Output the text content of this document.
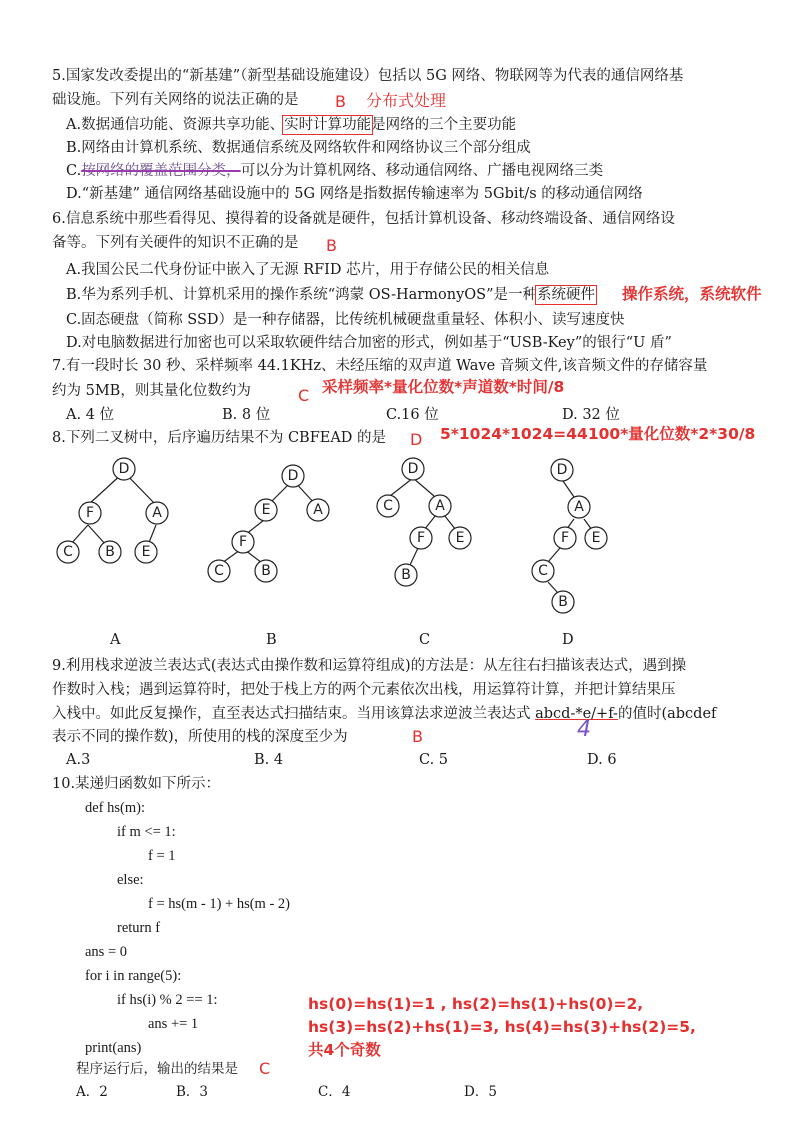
5.国家发改委提出的“新基建”（新型基础设施建设）包括以 5G 网络、物联网等为代表的通信网络基
础设施。下列有关网络的说法正确的是 B 分布式处理
A.数据通信功能、资源共享功能、实时计算功能是网络的三个主要功能
B.网络由计算机系统、数据通信系统及网络软件和网络协议三个部分组成
C.按网络的覆盖范围分类，可以分为计算机网络、移动通信网络、广播电视网络三类
D.“新基建” 通信网络基础设施中的 5G 网络是指数据传输速率为 5Gbit/s 的移动通信网络
6.信息系统中那些看得见、摸得着的设备就是硬件，包括计算机设备、移动终端设备、通信网络设
备等。下列有关硬件的知识不正确的是 B
A.我国公民二代身份证中嵌入了无源 RFID 芯片，用于存储公民的相关信息
B.华为系列手机、计算机采用的操作系统“鸿蒙 OS-HarmonyOS”是一种系统硬件 操作系统，系统软件
C.固态硬盘（简称 SSD）是一种存储器，比传统机械硬盘重量轻、体积小、读写速度快
D.对电脑数据进行加密也可以采取软硬件结合加密的形式，例如基于“USB-Key”的银行“U 盾”
7.有一段时长 30 秒、采样频率 44.1KHz、未经压缩的双声道 Wave 音频文件,该音频文件的存储容量
约为 5MB，则其量化位数约为	C 采样频率*量化位数*声道数*时间/8
A. 4 位	B. 8 位	C.16 位	D. 32 位
8.下列二叉树中，后序遍历结果不为 CBFEAD 的是 D 5*1024*1024=44100*量化位数*2*30/8
D
F	A
C B E
D
E	A
F
C	B
D
C	A
F E
B
D
A
F E
C
B
A	B	C	D
9.利用栈求逆波兰表达式(表达式由操作数和运算符组成)的方法是：从左往右扫描该表达式，遇到操
作数时入栈；遇到运算符时，把处于栈上方的两个元素依次出栈，用运算符计算，并把计算结果压
入栈中。如此反复操作，直至表达式扫描结束。当用该算法求逆波兰表达式 abcd-*e/+f-的值时(abcdef
表示不同的操作数)，所使用的栈的深度至少为	B	4
A.3	B. 4	C. 5	D. 6
10.某递归函数如下所示：
def hs(m):
if m <= 1:
f = 1
else:
f = hs(m - 1) + hs(m - 2)
return f
ans = 0
for i in range(5):
if hs(i) % 2 == 1:
ans += 1
print(ans)
hs(0)=hs(1)=1 , hs(2)=hs(1)+hs(0)=2,
hs(3)=hs(2)+hs(1)=3, hs(4)=hs(3)+hs(2)=5,
共4个奇数
程序运行后，输出的结果是 C
A．2	B．3	C．4	D．5
